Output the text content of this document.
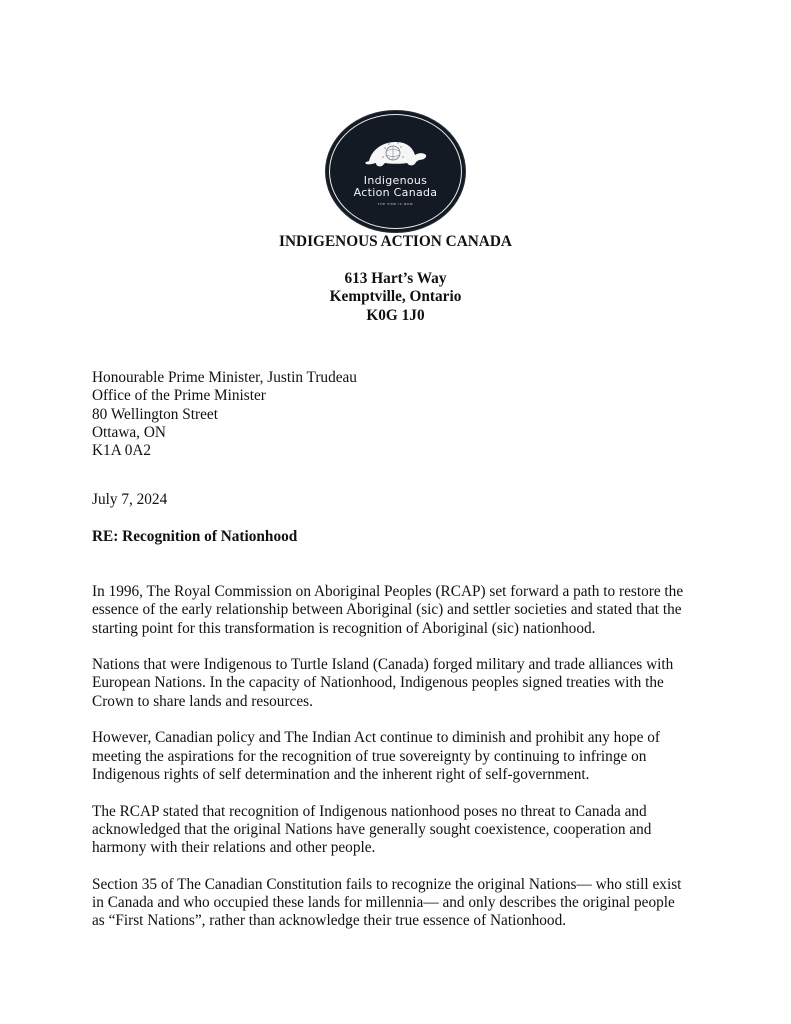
Indigenous
Action Canada
THE TIME IS NOW
INDIGENOUS ACTION CANADA
613 Hart’s Way
Kemptville, Ontario
K0G 1J0
Honourable Prime Minister, Justin Trudeau
Office of the Prime Minister
80 Wellington Street
Ottawa, ON
K1A 0A2
July 7, 2024
RE: Recognition of Nationhood

In 1996, The Royal Commission on Aboriginal Peoples (RCAP) set forward a path to restore the
essence of the early relationship between Aboriginal (sic) and settler societies and stated that the
starting point for this transformation is recognition of Aboriginal (sic) nationhood.

Nations that were Indigenous to Turtle Island (Canada) forged military and trade alliances with
European Nations. In the capacity of Nationhood, Indigenous peoples signed treaties with the
Crown to share lands and resources.

However, Canadian policy and The Indian Act continue to diminish and prohibit any hope of
meeting the aspirations for the recognition of true sovereignty by continuing to infringe on
Indigenous rights of self determination and the inherent right of self-government.

The RCAP stated that recognition of Indigenous nationhood poses no threat to Canada and
acknowledged that the original Nations have generally sought coexistence, cooperation and
harmony with their relations and other people.

Section 35 of The Canadian Constitution fails to recognize the original Nations— who still exist
in Canada and who occupied these lands for millennia— and only describes the original people
as “First Nations”, rather than acknowledge their true essence of Nationhood.
